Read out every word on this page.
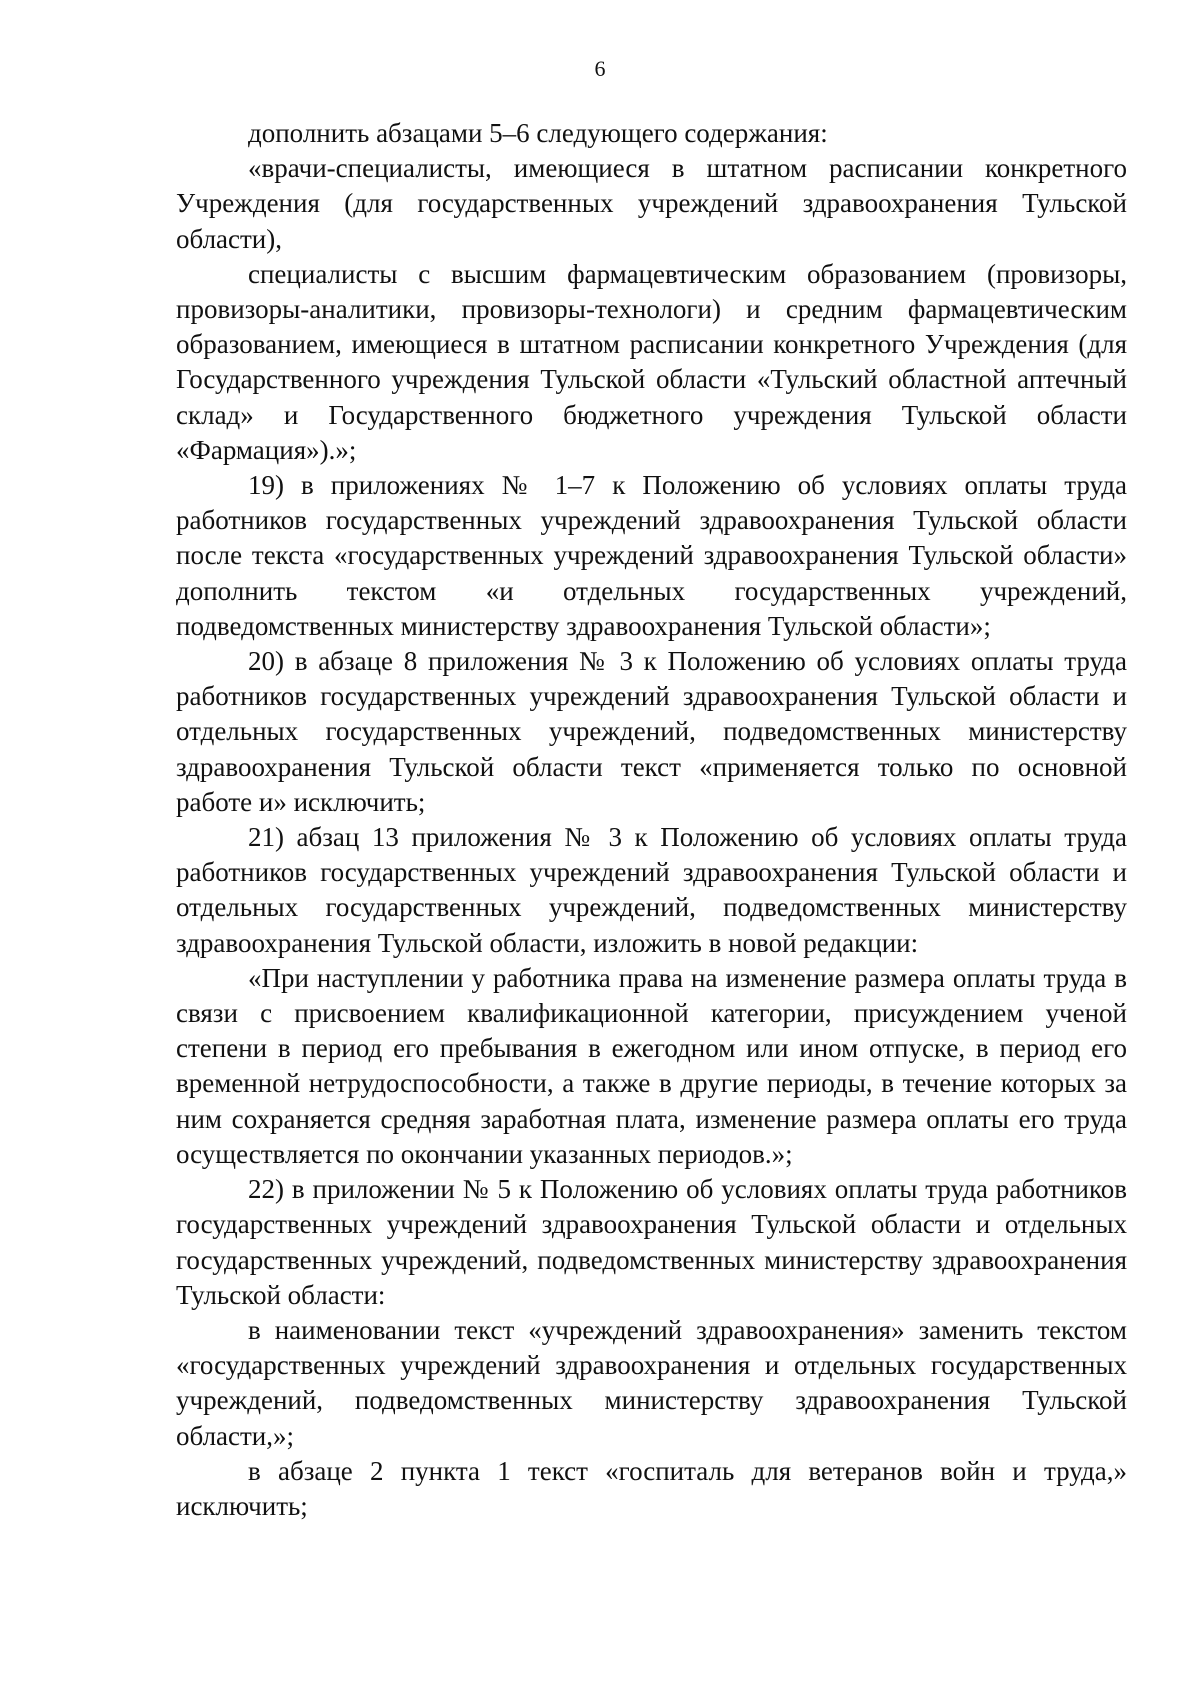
6

дополнить абзацами 5–6 следующего содержания:

«врачи-специалисты, имеющиеся в штатном расписании конкретного Учреждения (для государственных учреждений здравоохранения Тульской области),

специалисты с высшим фармацевтическим образованием (провизоры, провизоры-аналитики, провизоры-технологи) и средним фармацевтическим образованием, имеющиеся в штатном расписании конкретного Учреждения (для Государственного учреждения Тульской области «Тульский областной аптечный склад» и Государственного бюджетного учреждения Тульской области «Фармация»).»;

19) в приложениях № 1–7 к Положению об условиях оплаты труда работников государственных учреждений здравоохранения Тульской области после текста «государственных учреждений здравоохранения Тульской области» дополнить текстом «и отдельных государственных учреждений, подведомственных министерству здравоохранения Тульской области»;

20) в абзаце 8 приложения № 3 к Положению об условиях оплаты труда работников государственных учреждений здравоохранения Тульской области и отдельных государственных учреждений, подведомственных министерству здравоохранения Тульской области текст «применяется только по основной работе и» исключить;

21) абзац 13 приложения № 3 к Положению об условиях оплаты труда работников государственных учреждений здравоохранения Тульской области и отдельных государственных учреждений, подведомственных министерству здравоохранения Тульской области, изложить в новой редакции:

«При наступлении у работника права на изменение размера оплаты труда в связи с присвоением квалификационной категории, присуждением ученой степени в период его пребывания в ежегодном или ином отпуске, в период его временной нетрудоспособности, а также в другие периоды, в течение которых за ним сохраняется средняя заработная плата, изменение размера оплаты его труда осуществляется по окончании указанных периодов.»;

22) в приложении № 5 к Положению об условиях оплаты труда работников государственных учреждений здравоохранения Тульской области и отдельных государственных учреждений, подведомственных министерству здравоохранения Тульской области:

в наименовании текст «учреждений здравоохранения» заменить текстом «государственных учреждений здравоохранения и отдельных государственных учреждений, подведомственных министерству здравоохранения Тульской области,»;

в абзаце 2 пункта 1 текст «госпиталь для ветеранов войн и труда,» исключить;
